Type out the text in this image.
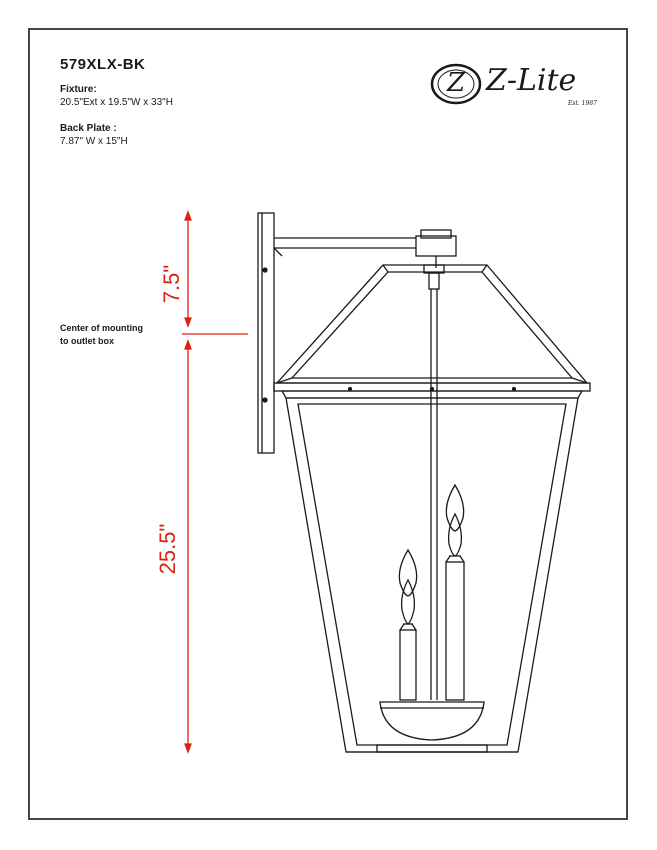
579XLX-BK
Fixture:
20.5"Ext x 19.5"W x 33"H
Back Plate :
7.87" W x 15"H
Center of mounting
to outlet box
Z Z-Lite
Est. 1987
7.5"
25.5"
